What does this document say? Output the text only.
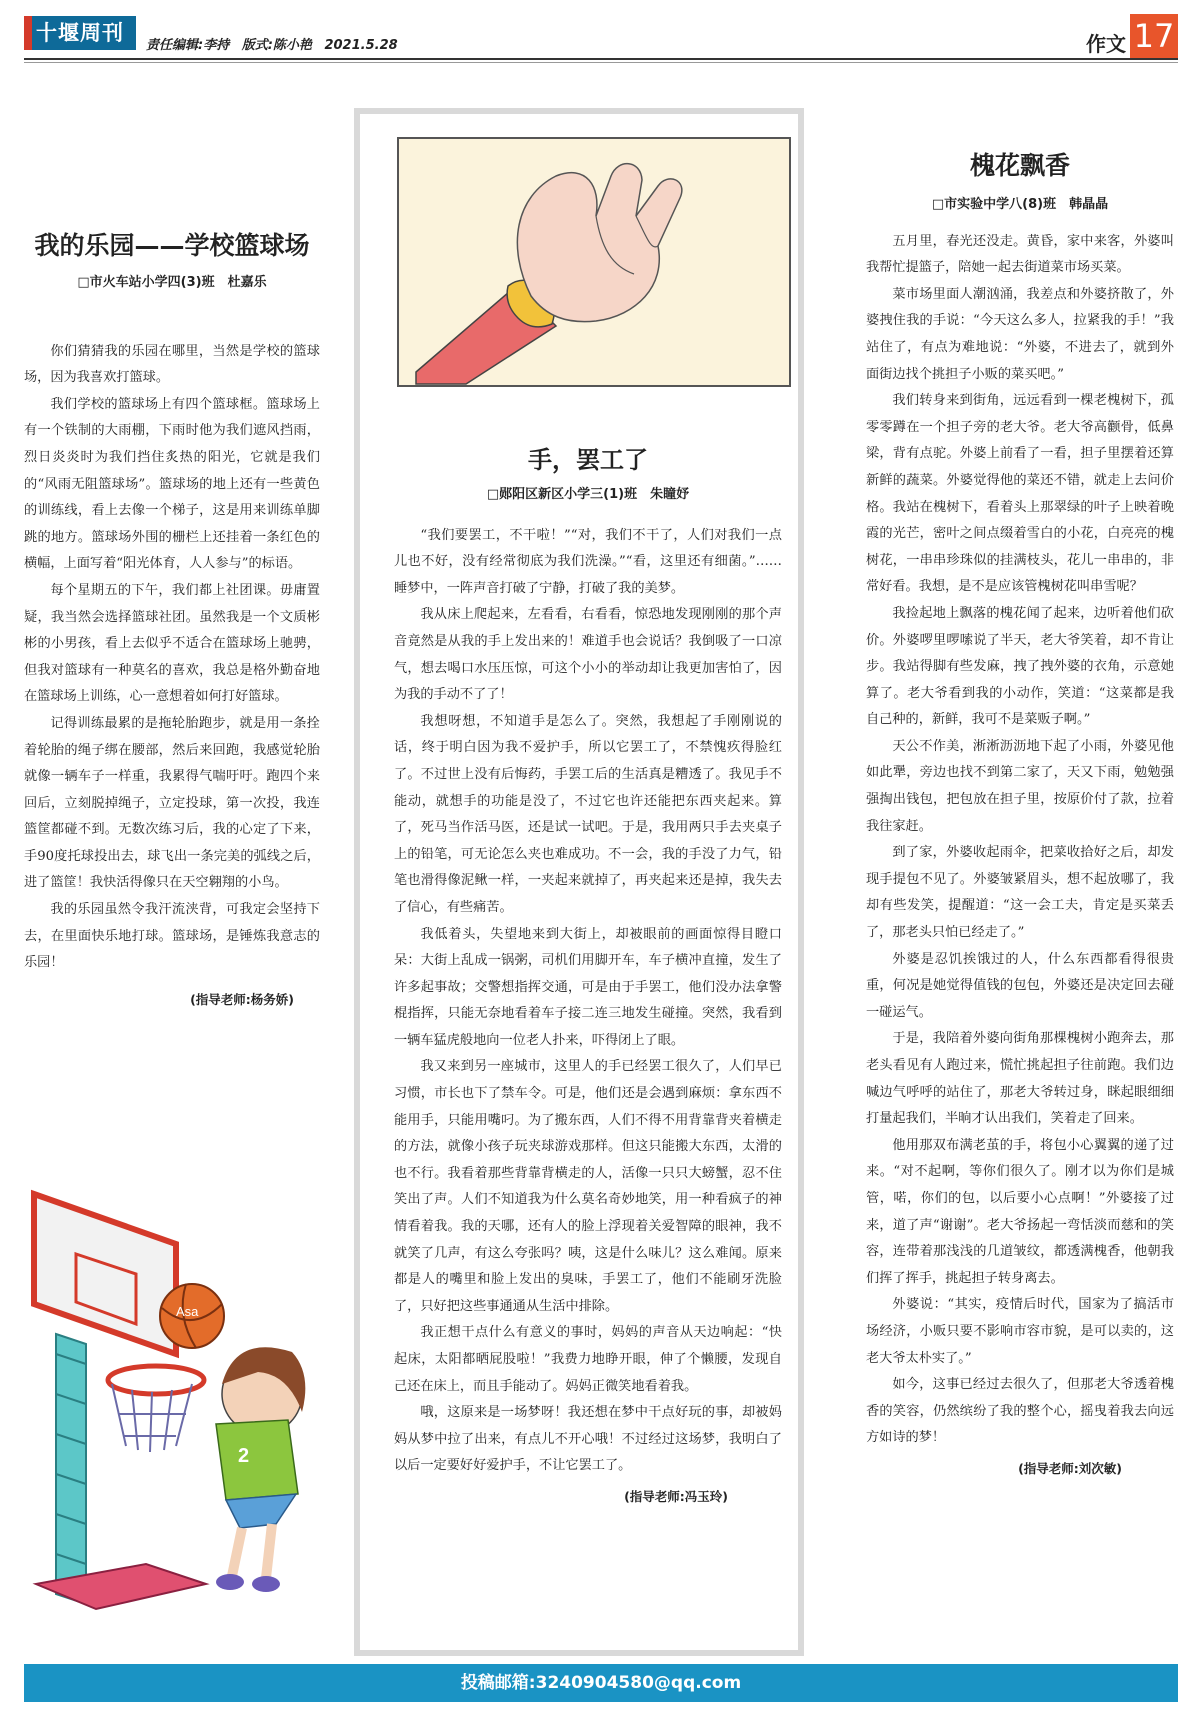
十堰周刊
责任编辑:李持 版式:陈小艳 2021.5.28	作文 17
我的乐园——学校篮球场
□市火车站小学四(3)班　杜嘉乐

你们猜猜我的乐园在哪里，当然是学校的篮球场，因为我喜欢打篮球。

我们学校的篮球场上有四个篮球框。篮球场上有一个铁制的大雨棚，下雨时他为我们遮风挡雨，烈日炎炎时为我们挡住炙热的阳光，它就是我们的“风雨无阻篮球场”。篮球场的地上还有一些黄色的训练线，看上去像一个梯子，这是用来训练单脚跳的地方。篮球场外围的栅栏上还挂着一条红色的横幅，上面写着“阳光体育，人人参与”的标语。

每个星期五的下午，我们都上社团课。毋庸置疑，我当然会选择篮球社团。虽然我是一个文质彬彬的小男孩，看上去似乎不适合在篮球场上驰骋，但我对篮球有一种莫名的喜欢，我总是格外勤奋地在篮球场上训练，心一意想着如何打好篮球。

记得训练最累的是拖轮胎跑步，就是用一条拴着轮胎的绳子绑在腰部，然后来回跑，我感觉轮胎就像一辆车子一样重，我累得气喘吁吁。跑四个来回后，立刻脱掉绳子，立定投球，第一次投，我连篮筐都碰不到。无数次练习后，我的心定了下来，手90度托球投出去，球飞出一条完美的弧线之后，进了篮筐！我快活得像只在天空翱翔的小鸟。

我的乐园虽然令我汗流浃背，可我定会坚持下去，在里面快乐地打球。篮球场，是锤炼我意志的乐园！

(指导老师:杨务娇)
Asa
2
手，罢工了
□郧阳区新区小学三(1)班　朱瞳妤

“我们要罢工，不干啦！”“对，我们不干了，人们对我们一点儿也不好，没有经常彻底为我们洗澡。”“看，这里还有细菌。”……睡梦中，一阵声音打破了宁静，打破了我的美梦。

我从床上爬起来，左看看，右看看，惊恐地发现刚刚的那个声音竟然是从我的手上发出来的！难道手也会说话？我倒吸了一口凉气，想去喝口水压压惊，可这个小小的举动却让我更加害怕了，因为我的手动不了了！

我想呀想，不知道手是怎么了。突然，我想起了手刚刚说的话，终于明白因为我不爱护手，所以它罢工了，不禁愧疚得脸红了。不过世上没有后悔药，手罢工后的生活真是糟透了。我见手不能动，就想手的功能是没了，不过它也许还能把东西夹起来。算了，死马当作活马医，还是试一试吧。于是，我用两只手去夹桌子上的铅笔，可无论怎么夹也难成功。不一会，我的手没了力气，铅笔也滑得像泥鳅一样，一夹起来就掉了，再夹起来还是掉，我失去了信心，有些痛苦。

我低着头，失望地来到大街上，却被眼前的画面惊得目瞪口呆：大街上乱成一锅粥，司机们用脚开车，车子横冲直撞，发生了许多起事故；交警想指挥交通，可是由于手罢工，他们没办法拿警棍指挥，只能无奈地看着车子接二连三地发生碰撞。突然，我看到一辆车猛虎般地向一位老人扑来，吓得闭上了眼。

我又来到另一座城市，这里人的手已经罢工很久了，人们早已习惯，市长也下了禁车令。可是，他们还是会遇到麻烦：拿东西不能用手，只能用嘴叼。为了搬东西，人们不得不用背靠背夹着横走的方法，就像小孩子玩夹球游戏那样。但这只能搬大东西，太滑的也不行。我看着那些背靠背横走的人，活像一只只大螃蟹，忍不住笑出了声。人们不知道我为什么莫名奇妙地笑，用一种看疯子的神情看着我。我的天哪，还有人的脸上浮现着关爱智障的眼神，我不就笑了几声，有这么夸张吗？咦，这是什么味儿？这么难闻。原来都是人的嘴里和脸上发出的臭味，手罢工了，他们不能刷牙洗脸了，只好把这些事通通从生活中排除。

我正想干点什么有意义的事时，妈妈的声音从天边响起：“快起床，太阳都晒屁股啦！”我费力地睁开眼，伸了个懒腰，发现自己还在床上，而且手能动了。妈妈正微笑地看着我。

哦，这原来是一场梦呀！我还想在梦中干点好玩的事，却被妈妈从梦中拉了出来，有点儿不开心哦！不过经过这场梦，我明白了以后一定要好好爱护手，不让它罢工了。

(指导老师:冯玉玲)
槐花飘香
□市实验中学八(8)班　韩晶晶

五月里，春光还没走。黄昏，家中来客，外婆叫我帮忙提篮子，陪她一起去街道菜市场买菜。

菜市场里面人潮汹涌，我差点和外婆挤散了，外婆拽住我的手说：“今天这么多人，拉紧我的手！”我站住了，有点为难地说：“外婆，不进去了，就到外面街边找个挑担子小贩的菜买吧。”

我们转身来到街角，远远看到一棵老槐树下，孤零零蹲在一个担子旁的老大爷。老大爷高颧骨，低鼻梁，背有点驼。外婆上前看了一看，担子里摆着还算新鲜的蔬菜。外婆觉得他的菜还不错，就走上去问价格。我站在槐树下，看着头上那翠绿的叶子上映着晚霞的光芒，密叶之间点缀着雪白的小花，白亮亮的槐树花，一串串珍珠似的挂满枝头，花儿一串串的，非常好看。我想，是不是应该管槐树花叫串雪呢？

我捡起地上飘落的槐花闻了起来，边听着他们砍价。外婆啰里啰嗦说了半天，老大爷笑着，却不肯让步。我站得脚有些发麻，拽了拽外婆的衣角，示意她算了。老大爷看到我的小动作，笑道：“这菜都是我自己种的，新鲜，我可不是菜贩子啊。”

天公不作美，淅淅沥沥地下起了小雨，外婆见他如此犟，旁边也找不到第二家了，天又下雨，勉勉强强掏出钱包，把包放在担子里，按原价付了款，拉着我往家赶。

到了家，外婆收起雨伞，把菜收拾好之后，却发现手提包不见了。外婆皱紧眉头，想不起放哪了，我却有些发笑，提醒道：“这一会工夫，肯定是买菜丢了，那老头只怕已经走了。”

外婆是忍饥挨饿过的人，什么东西都看得很贵重，何况是她觉得值钱的包包，外婆还是决定回去碰一碰运气。

于是，我陪着外婆向街角那棵槐树小跑奔去，那老头看见有人跑过来，慌忙挑起担子往前跑。我们边喊边气呼呼的站住了，那老大爷转过身，眯起眼细细打量起我们，半晌才认出我们，笑着走了回来。

他用那双布满老茧的手，将包小心翼翼的递了过来。“对不起啊，等你们很久了。刚才以为你们是城管，喏，你们的包，以后要小心点啊！”外婆接了过来，道了声“谢谢”。老大爷扬起一弯恬淡而慈和的笑容，连带着那浅浅的几道皱纹，都透满槐香，他朝我们挥了挥手，挑起担子转身离去。

外婆说：“其实，疫情后时代，国家为了搞活市场经济，小贩只要不影响市容市貌，是可以卖的，这老大爷太朴实了。”

如今，这事已经过去很久了，但那老大爷透着槐香的笑容，仍然缤纷了我的整个心，摇曳着我去向远方如诗的梦！

(指导老师:刘次敏)
投稿邮箱:3240904580@qq.com
